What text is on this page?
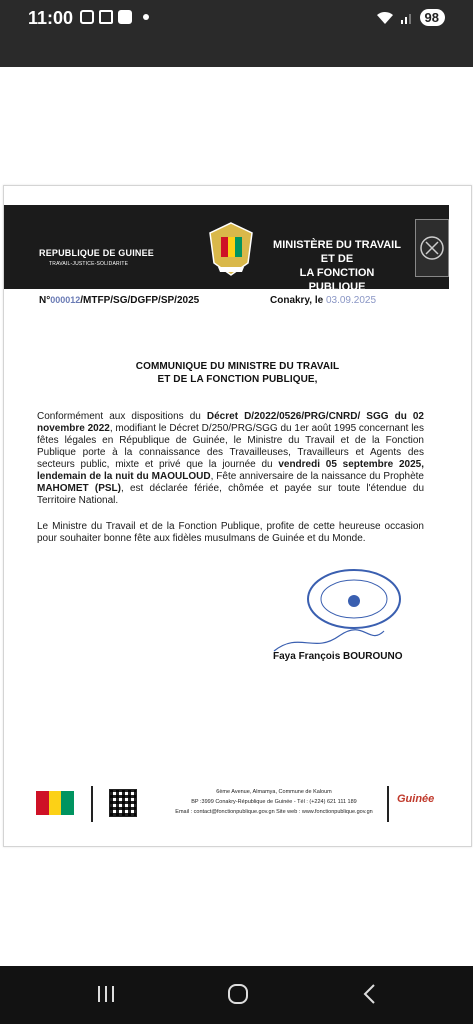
11:00	98
REPUBLIQUE DE GUINEE
TRAVAIL-JUSTICE-SOLIDARITE
MINISTÈRE DU TRAVAIL ET DE
LA FONCTION PUBLIQUE
N°000012/MTFP/SG/DGFP/SP/2025	Conakry, le 03.09.2025
COMMUNIQUE DU MINISTRE DU TRAVAIL
ET DE LA FONCTION PUBLIQUE,
Conformément aux dispositions du Décret D/2022/0526/PRG/CNRD/ SGG du 02 novembre 2022, modifiant le Décret D/250/PRG/SGG du 1er août 1995 concernant les fêtes légales en République de Guinée, le Ministre du Travail et de la Fonction Publique porte à la connaissance des Travailleuses, Travailleurs et Agents des secteurs public, mixte et privé que la journée du vendredi 05 septembre 2025, lendemain de la nuit du MAOULOUD, Fête anniversaire de la naissance du Prophète MAHOMET (PSL), est déclarée fériée, chômée et payée sur toute l'étendue du Territoire National.
Le Ministre du Travail et de la Fonction Publique, profite de cette heureuse occasion pour souhaiter bonne fête aux fidèles musulmans de Guinée et du Monde.
Faya François BOUROUNO
6ème Avenue, Almamya, Commune de Kaloum
BP :3999 Conakry-République de Guinée - Tél : (+224) 621 111 189
Email : contact@fonctionpublique.gov.gn Site web : www.fonctionpublique.gov.gn
Guinée
